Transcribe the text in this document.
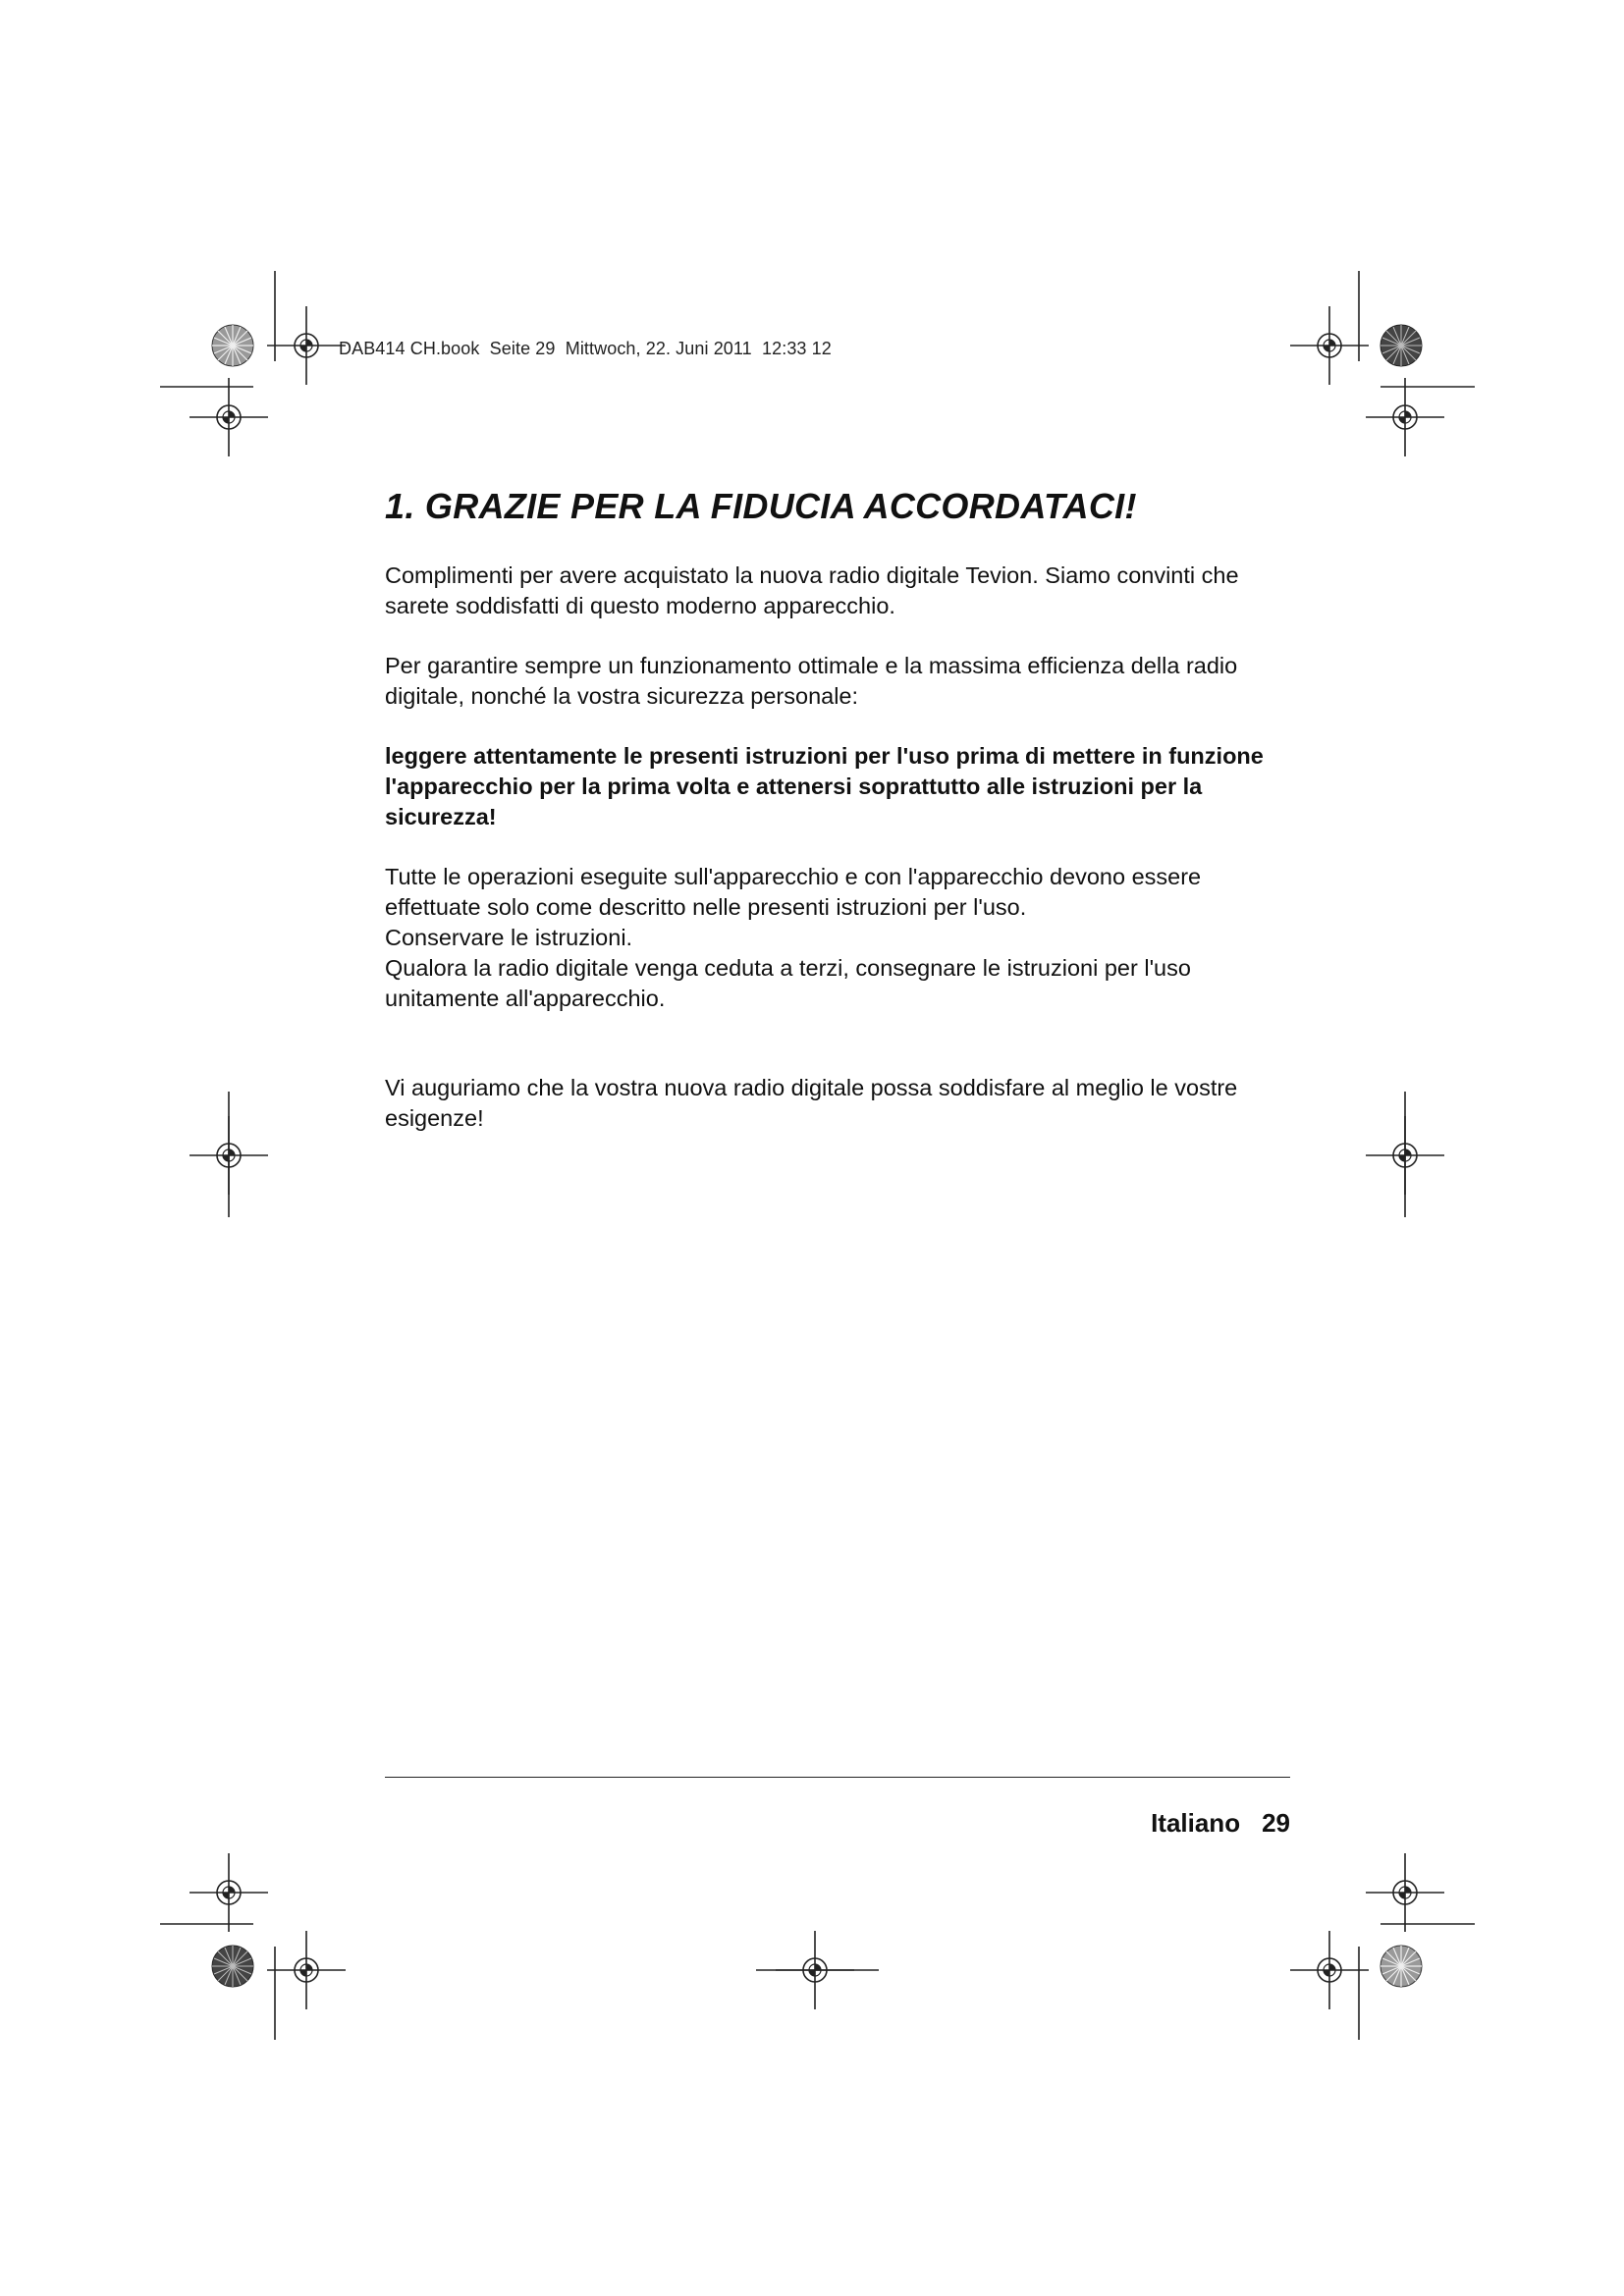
DAB414 CH.book  Seite 29  Mittwoch, 22. Juni 2011  12:33 12
1. GRAZIE PER LA FIDUCIA ACCORDATACI!

Complimenti per avere acquistato la nuova radio digitale Tevion. Siamo convinti che
sarete soddisfatti di questo moderno apparecchio.

Per garantire sempre un funzionamento ottimale e la massima efficienza della radio
digitale, nonché la vostra sicurezza personale:

leggere attentamente le presenti istruzioni per l'uso prima di mettere in funzione
l'apparecchio per la prima volta e attenersi soprattutto alle istruzioni per la
sicurezza!

Tutte le operazioni eseguite sull'apparecchio e con l'apparecchio devono essere
effettuate solo come descritto nelle presenti istruzioni per l'uso.
Conservare le istruzioni.
Qualora la radio digitale venga ceduta a terzi, consegnare le istruzioni per l'uso
unitamente all'apparecchio.

Vi auguriamo che la vostra nuova radio digitale possa soddisfare al meglio le vostre
esigenze!

Italiano 29
